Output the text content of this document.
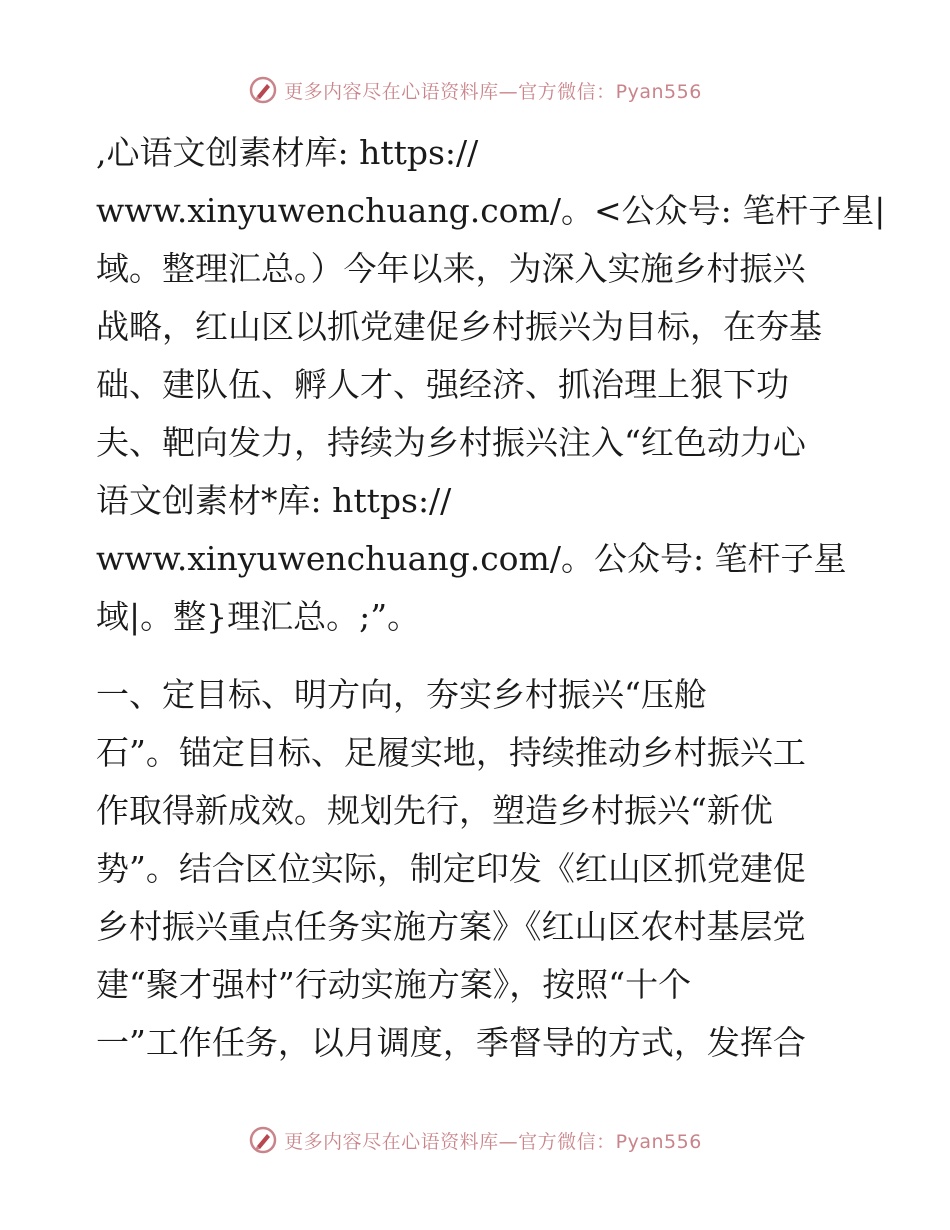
更多内容尽在心语资料库—官方微信：Pyan556
,心语文创素材库: https://
www.xinyuwenchuang.com/。<公众号: 笔杆子星|
域。整理汇总。）今年以来，为深入实施乡村振兴
战略，红山区以抓党建促乡村振兴为目标，在夯基
础、建队伍、孵人才、强经济、抓治理上狠下功
夫、靶向发力，持续为乡村振兴注入“红色动力心
语文创素材*库: https://
www.xinyuwenchuang.com/。公众号: 笔杆子星
域|。整}理汇总。;”。
一、定目标、明方向，夯实乡村振兴“压舱
石”。锚定目标、足履实地，持续推动乡村振兴工
作取得新成效。规划先行，塑造乡村振兴“新优
势”。结合区位实际，制定印发《红山区抓党建促
乡村振兴重点任务实施方案》《红山区农村基层党
建“聚才强村”行动实施方案》，按照“十个
一”工作任务，以月调度，季督导的方式，发挥合
更多内容尽在心语资料库—官方微信：Pyan556
